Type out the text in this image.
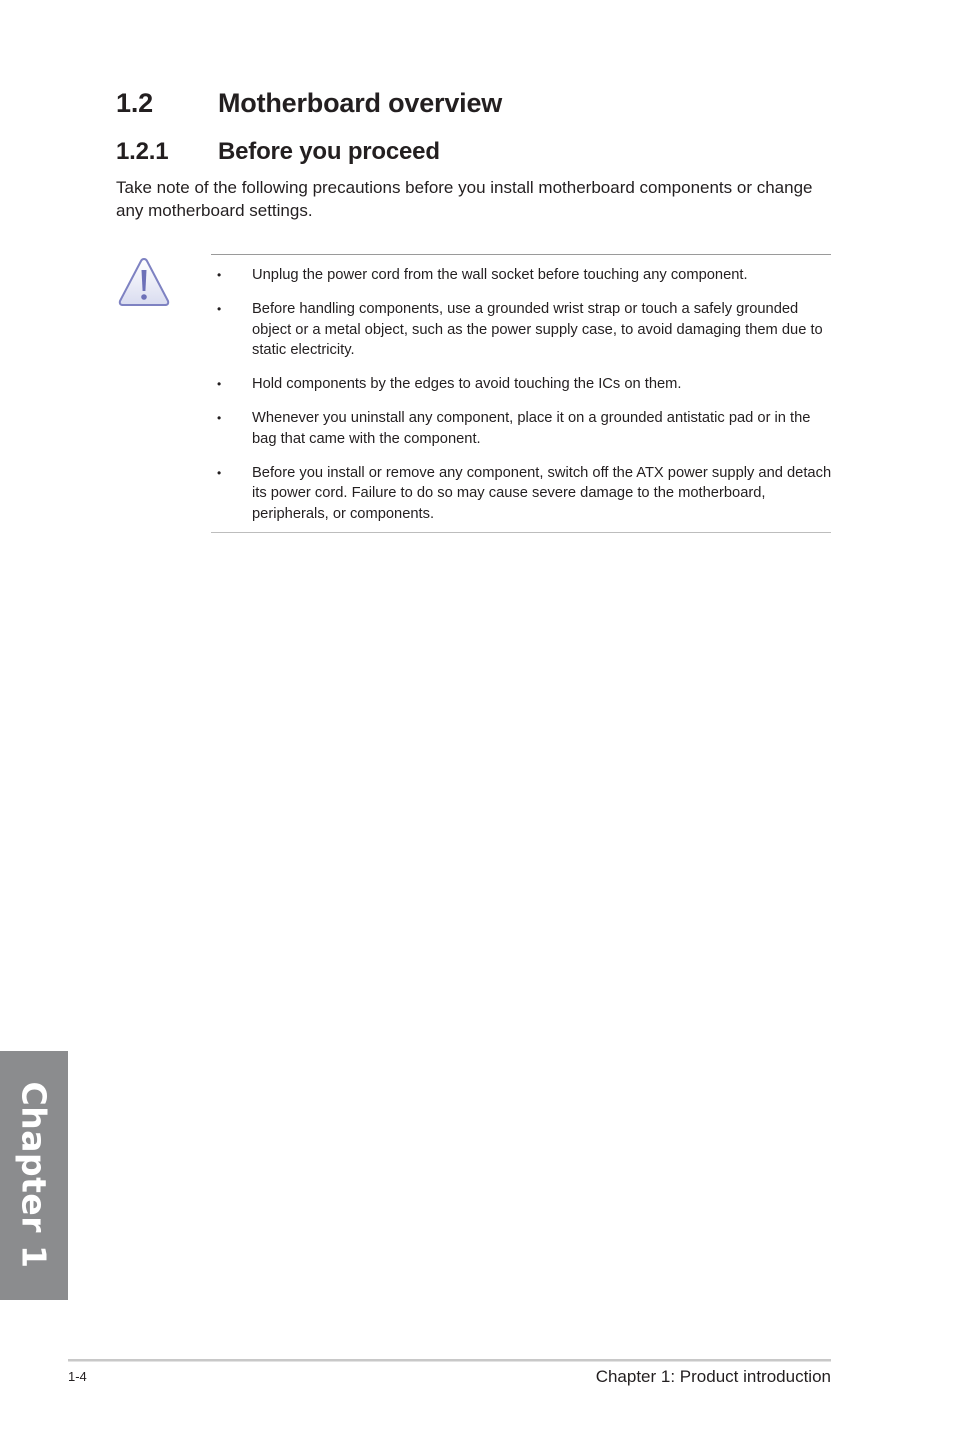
1.2 Motherboard overview
1.2.1 Before you proceed

Take note of the following precautions before you install motherboard components or change any motherboard settings.

• Unplug the power cord from the wall socket before touching any component.
• Before handling components, use a grounded wrist strap or touch a safely grounded object or a metal object, such as the power supply case, to avoid damaging them due to static electricity.
• Hold components by the edges to avoid touching the ICs on them.
• Whenever you uninstall any component, place it on a grounded antistatic pad or in the bag that came with the component.
• Before you install or remove any component, switch off the ATX power supply and detach its power cord. Failure to do so may cause severe damage to the motherboard, peripherals, or components.
Chapter 1
1-4	Chapter 1: Product introduction
